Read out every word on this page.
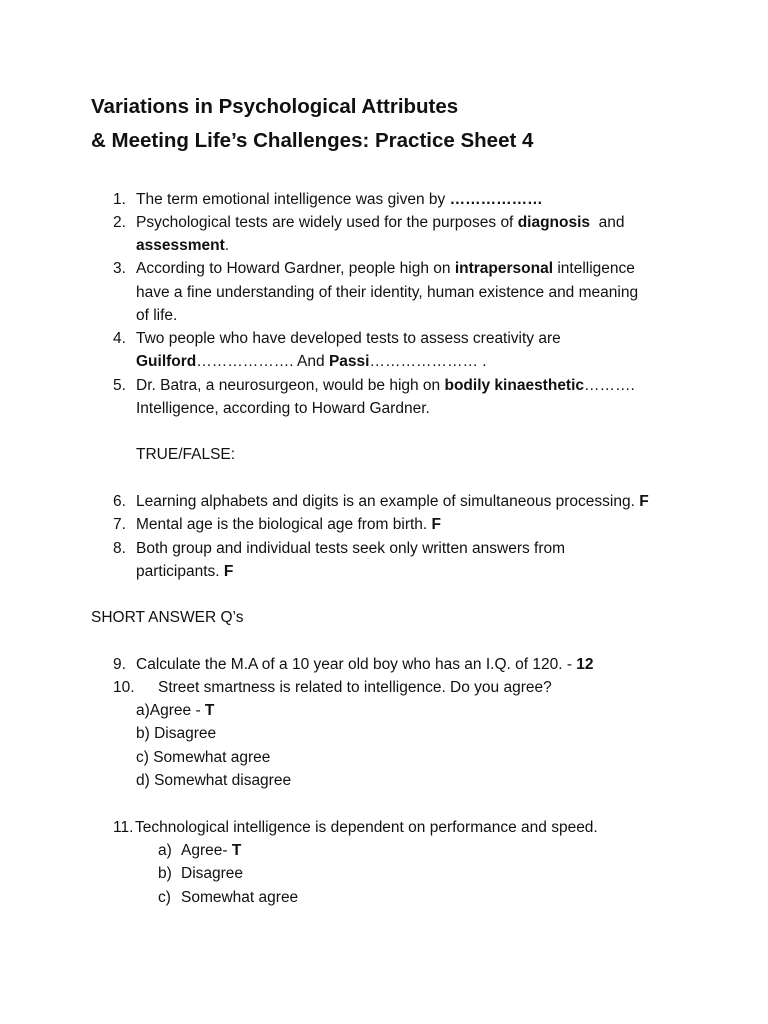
Variations in Psychological Attributes
& Meeting Life’s Challenges: Practice Sheet 4
1. The term emotional intelligence was given by ………………

2. Psychological tests are widely used for the purposes of diagnosis  and

assessment.

3. According to Howard Gardner, people high on intrapersonal intelligence

have a fine understanding of their identity, human existence and meaning

of life.

4. Two people who have developed tests to assess creativity are

Guilford………………. And Passi………………… .

5. Dr. Batra, a neurosurgeon, would be high on bodily kinaesthetic……….

Intelligence, according to Howard Gardner.

TRUE/FALSE:

6. Learning alphabets and digits is an example of simultaneous processing. F

7. Mental age is the biological age from birth. F

8. Both group and individual tests seek only written answers from

participants. F

SHORT ANSWER Q’s

9. Calculate the M.A of a 10 year old boy who has an I.Q. of 120. - 12

10. Street smartness is related to intelligence. Do you agree?

a)Agree - T

b) Disagree

c) Somewhat agree

d) Somewhat disagree

11. Technological intelligence is dependent on performance and speed.

a) Agree- T

b) Disagree

c) Somewhat agree
